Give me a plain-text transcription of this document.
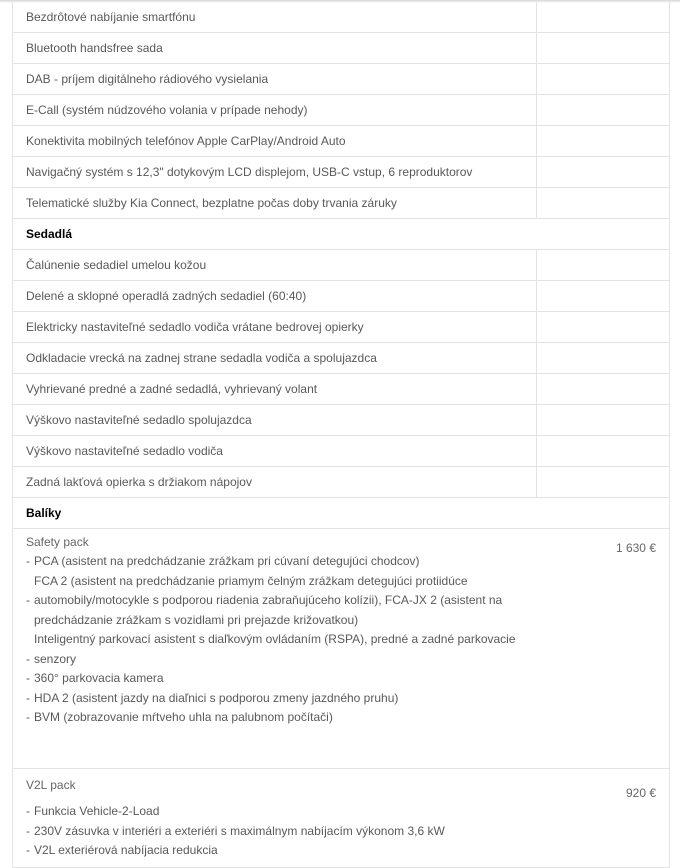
Bezdrôtové nabíjanie smartfónu
Bluetooth handsfree sada
DAB - príjem digitálneho rádiového vysielania
E-Call (systém núdzového volania v prípade nehody)
Konektivita mobilných telefónov Apple CarPlay/Android Auto
Navigačný systém s 12,3" dotykovým LCD displejom, USB-C vstup, 6 reproduktorov
Telematické služby Kia Connect, bezplatne počas doby trvania záruky
Sedadlá
Čalúnenie sedadiel umelou kožou
Delené a sklopné operadlá zadných sedadiel (60:40)
Elektricky nastaviteľné sedadlo vodiča vrátane bedrovej opierky
Odkladacie vrecká na zadnej strane sedadla vodiča a spolujazdca
Vyhrievané predné a zadné sedadlá, vyhrievaný volant
Výškovo nastaviteľné sedadlo spolujazdca
Výškovo nastaviteľné sedadlo vodiča
Zadná lakťová opierka s držiakom nápojov
Balíky
Safety pack	1 630 €
- PCA (asistent na predchádzanie zrážkam pri cúvaní detegujúci chodcov)
FCA 2 (asistent na predchádzanie priamym čelným zrážkam detegujúci protiidúce
- automobily/motocykle s podporou riadenia zabraňujúceho kolízii), FCA-JX 2 (asistent na
predchádzanie zrážkam s vozidlami pri prejazde križovatkou)
Inteligentný parkovací asistent s diaľkovým ovládaním (RSPA), predné a zadné parkovacie
- senzory
- 360° parkovacia kamera
- HDA 2 (asistent jazdy na diaľnici s podporou zmeny jazdného pruhu)
- BVM (zobrazovanie mŕtveho uhla na palubnom počítači)
V2L pack
920 €
- Funkcia Vehicle-2-Load
- 230V zásuvka v interiéri a exteriéri s maximálnym nabíjacím výkonom 3,6 kW
- V2L exteriérová nabíjacia redukcia
